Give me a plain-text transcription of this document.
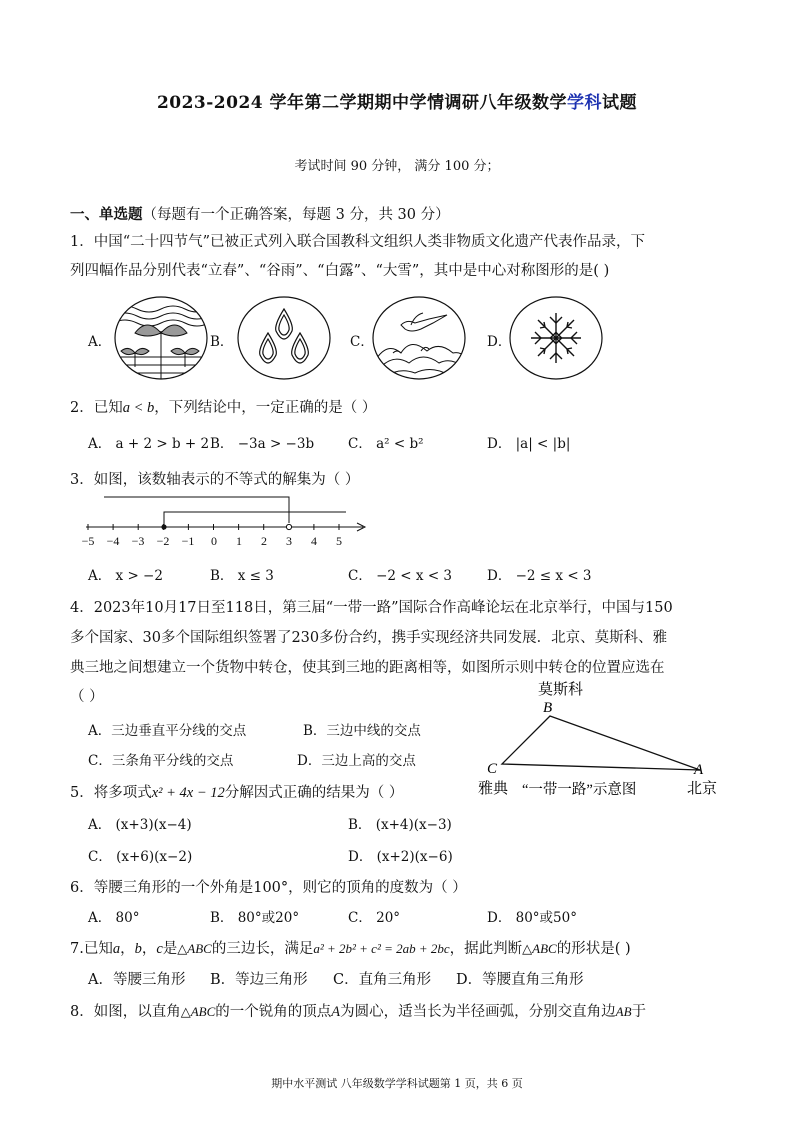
2023-2024 学年第二学期期中学情调研八年级数学学科试题
考试时间 90 分钟， 满分 100 分；
一、单选题（每题有一个正确答案，每题 3 分，共 30 分）
1．中国“二十四节气”已被正式列入联合国教科文组织人类非物质文化遗产代表作品录，下
列四幅作品分别代表“立春”、“谷雨”、“白露”、“大雪”，其中是中心对称图形的是( )
A．	B．	C．	D．
2．已知a < b，下列结论中，一定正确的是（ ）
A． a + 2 > b + 2 B． −3a > −3b	C． a² < b²	D． |a| < |b|
3．如图，该数轴表示的不等式的解集为（ ）
−5 −4 −3 −2 −1 0 1 2 3 4 5
A． x > −2	B． x ≤ 3	C． −2 < x < 3	D． −2 ≤ x < 3
4．2023年10月17日至118日，第三届“一带一路”国际合作高峰论坛在北京举行，中国与150
多个国家、30多个国际组织签署了230多份合约，携手实现经济共同发展．北京、莫斯科、雅
典三地之间想建立一个货物中转仓，使其到三地的距离相等，如图所示则中转仓的位置应选在
（ ）
A．三边垂直平分线的交点	B．三边中线的交点
C．三条角平分线的交点	D．三边上高的交点
莫斯科
B
C	A
雅典 “一带一路”示意图	北京
5．将多项式x² + 4x − 12分解因式正确的结果为（ ）
A． (x+3)(x−4)	B． (x+4)(x−3)
C． (x+6)(x−2)	D． (x+2)(x−6)
6．等腰三角形的一个外角是100°，则它的顶角的度数为（ ）
A． 80°	B． 80°或20°	C． 20°	D． 80°或50°
7.已知a，b，c是△ABC的三边长，满足a² + 2b² + c² = 2ab + 2bc，据此判断△ABC的形状是( )
A．等腰三角形 B．等边三角形 C．直角三角形 D．等腰直角三角形
8．如图，以直角△ABC的一个锐角的顶点A为圆心，适当长为半径画弧，分别交直角边AB于
期中水平测试 八年级数学学科试题第 1 页，共 6 页
